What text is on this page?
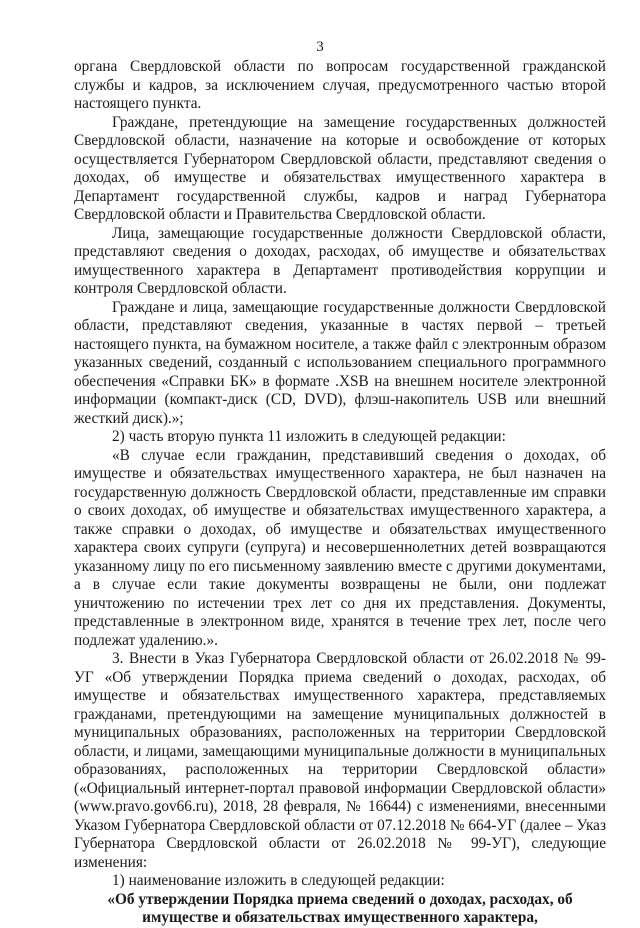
3

органа Свердловской области по вопросам государственной гражданской службы и кадров, за исключением случая, предусмотренного частью второй настоящего пункта.

Граждане, претендующие на замещение государственных должностей Свердловской области, назначение на которые и освобождение от которых осуществляется Губернатором Свердловской области, представляют сведения о доходах, об имуществе и обязательствах имущественного характера в Департамент государственной службы, кадров и наград Губернатора Свердловской области и Правительства Свердловской области.

Лица, замещающие государственные должности Свердловской области, представляют сведения о доходах, расходах, об имуществе и обязательствах имущественного характера в Департамент противодействия коррупции и контроля Свердловской области.

Граждане и лица, замещающие государственные должности Свердловской области, представляют сведения, указанные в частях первой – третьей настоящего пункта, на бумажном носителе, а также файл с электронным образом указанных сведений, созданный с использованием специального программного обеспечения «Справки БК» в формате .XSB на внешнем носителе электронной информации (компакт-диск (CD, DVD), флэш-накопитель USB или внешний жесткий диск).»;

2) часть вторую пункта 11 изложить в следующей редакции:

«В случае если гражданин, представивший сведения о доходах, об имуществе и обязательствах имущественного характера, не был назначен на государственную должность Свердловской области, представленные им справки о своих доходах, об имуществе и обязательствах имущественного характера, а также справки о доходах, об имуществе и обязательствах имущественного характера своих супруги (супруга) и несовершеннолетних детей возвращаются указанному лицу по его письменному заявлению вместе с другими документами, а в случае если такие документы возвращены не были, они подлежат уничтожению по истечении трех лет со дня их представления. Документы, представленные в электронном виде, хранятся в течение трех лет, после чего подлежат удалению.».

3. Внести в Указ Губернатора Свердловской области от 26.02.2018 № 99-УГ «Об утверждении Порядка приема сведений о доходах, расходах, об имуществе и обязательствах имущественного характера, представляемых гражданами, претендующими на замещение муниципальных должностей в муниципальных образованиях, расположенных на территории Свердловской области, и лицами, замещающими муниципальные должности в муниципальных образованиях, расположенных на территории Свердловской области» («Официальный интернет-портал правовой информации Свердловской области» (www.pravo.gov66.ru), 2018, 28 февраля, № 16644) с изменениями, внесенными Указом Губернатора Свердловской области от 07.12.2018 № 664-УГ (далее – Указ Губернатора Свердловской области от 26.02.2018 № 99-УГ), следующие изменения:

1) наименование изложить в следующей редакции:

«Об утверждении Порядка приема сведений о доходах, расходах, об имуществе и обязательствах имущественного характера,
